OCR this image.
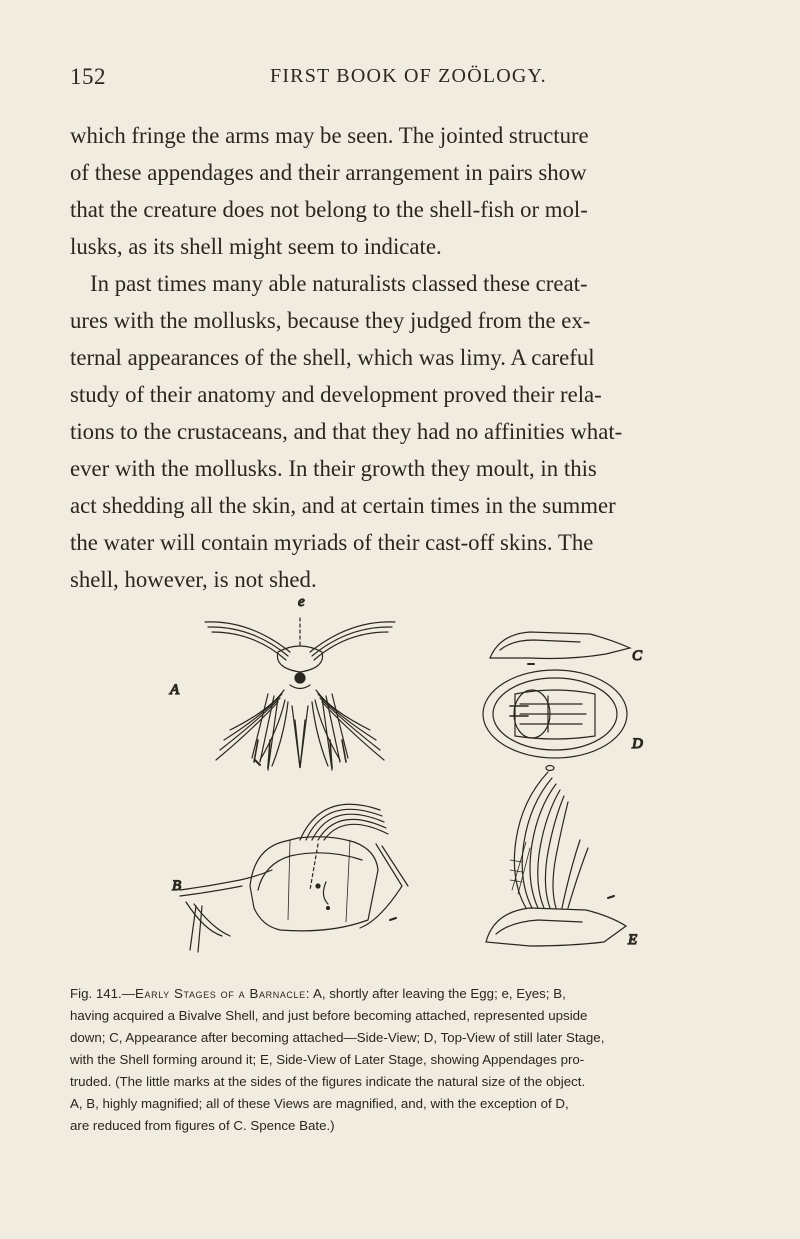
152	FIRST BOOK OF ZOÖLOGY.
which fringe the arms may be seen. The jointed structure
of these appendages and their arrangement in pairs show
that the creature does not belong to the shell-fish or mol-
lusks, as its shell might seem to indicate.
In past times many able naturalists classed these creat-
ures with the mollusks, because they judged from the ex-
ternal appearances of the shell, which was limy. A careful
study of their anatomy and development proved their rela-
tions to the crustaceans, and that they had no affinities what-
ever with the mollusks. In their growth they moult, in this
act shedding all the skin, and at certain times in the summer
the water will contain myriads of their cast-off skins. The
shell, however, is not shed.
e
A
C
D
B
E
Fig. 141.—Early Stages of a Barnacle: A, shortly after leaving the Egg; e, Eyes; B,
having acquired a Bivalve Shell, and just before becoming attached, represented upside
down; C, Appearance after becoming attached—Side-View; D, Top-View of still later Stage,
with the Shell forming around it; E, Side-View of Later Stage, showing Appendages pro-
truded. (The little marks at the sides of the figures indicate the natural size of the object.
A, B, highly magnified; all of these Views are magnified, and, with the exception of D,
are reduced from figures of C. Spence Bate.)
